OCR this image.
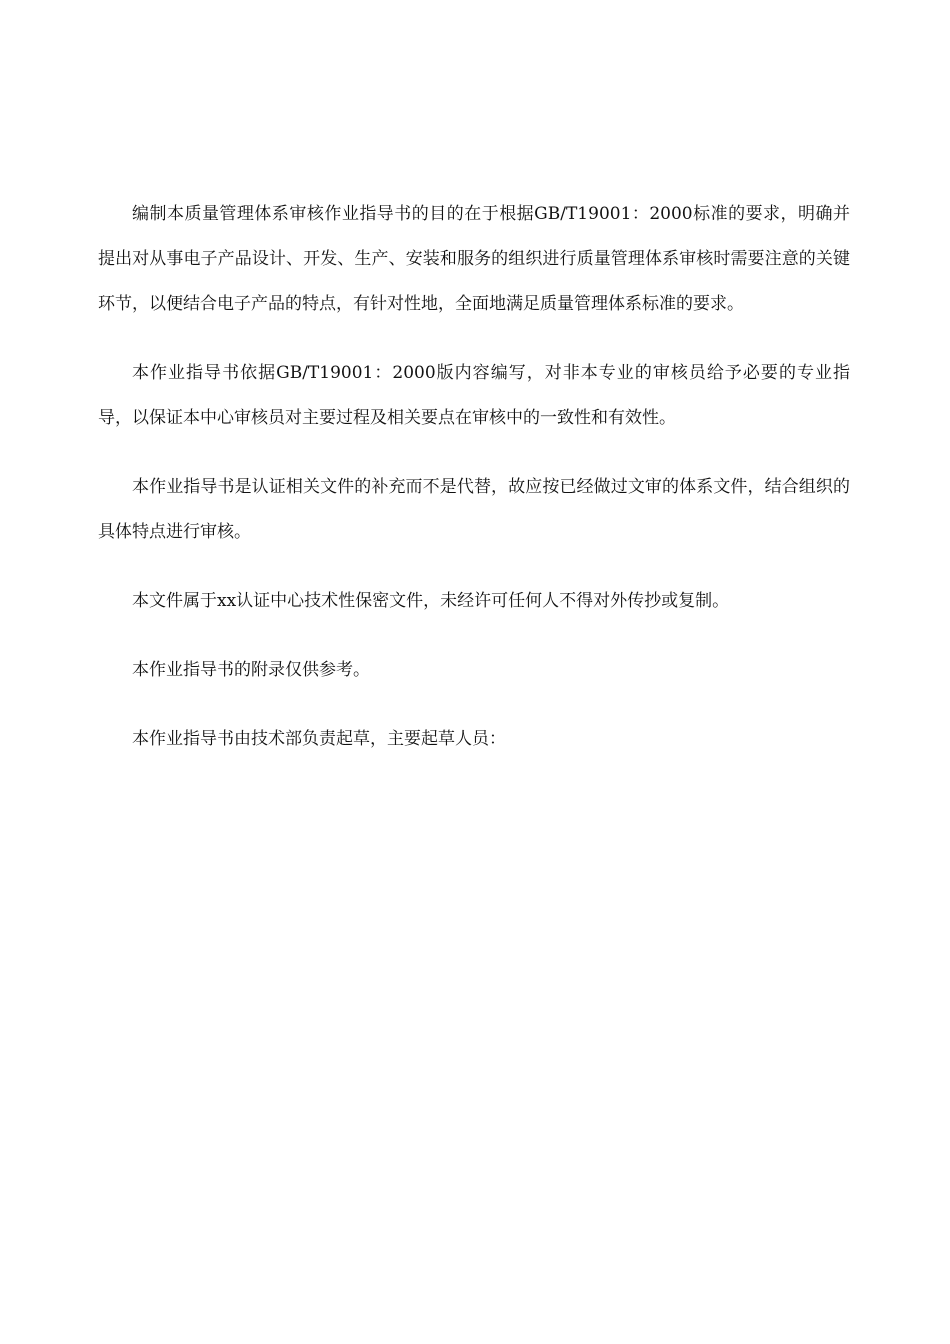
编制本质量管理体系审核作业指导书的目的在于根据GB/T19001：2000标准的要求，明确并提出对从事电子产品设计、开发、生产、安装和服务的组织进行质量管理体系审核时需要注意的关键环节，以便结合电子产品的特点，有针对性地，全面地满足质量管理体系标准的要求。

本作业指导书依据GB/T19001：2000版内容编写，对非本专业的审核员给予必要的专业指导，以保证本中心审核员对主要过程及相关要点在审核中的一致性和有效性。

本作业指导书是认证相关文件的补充而不是代替，故应按已经做过文审的体系文件，结合组织的具体特点进行审核。

本文件属于xx认证中心技术性保密文件，未经许可任何人不得对外传抄或复制。

本作业指导书的附录仅供参考。

本作业指导书由技术部负责起草，主要起草人员：
